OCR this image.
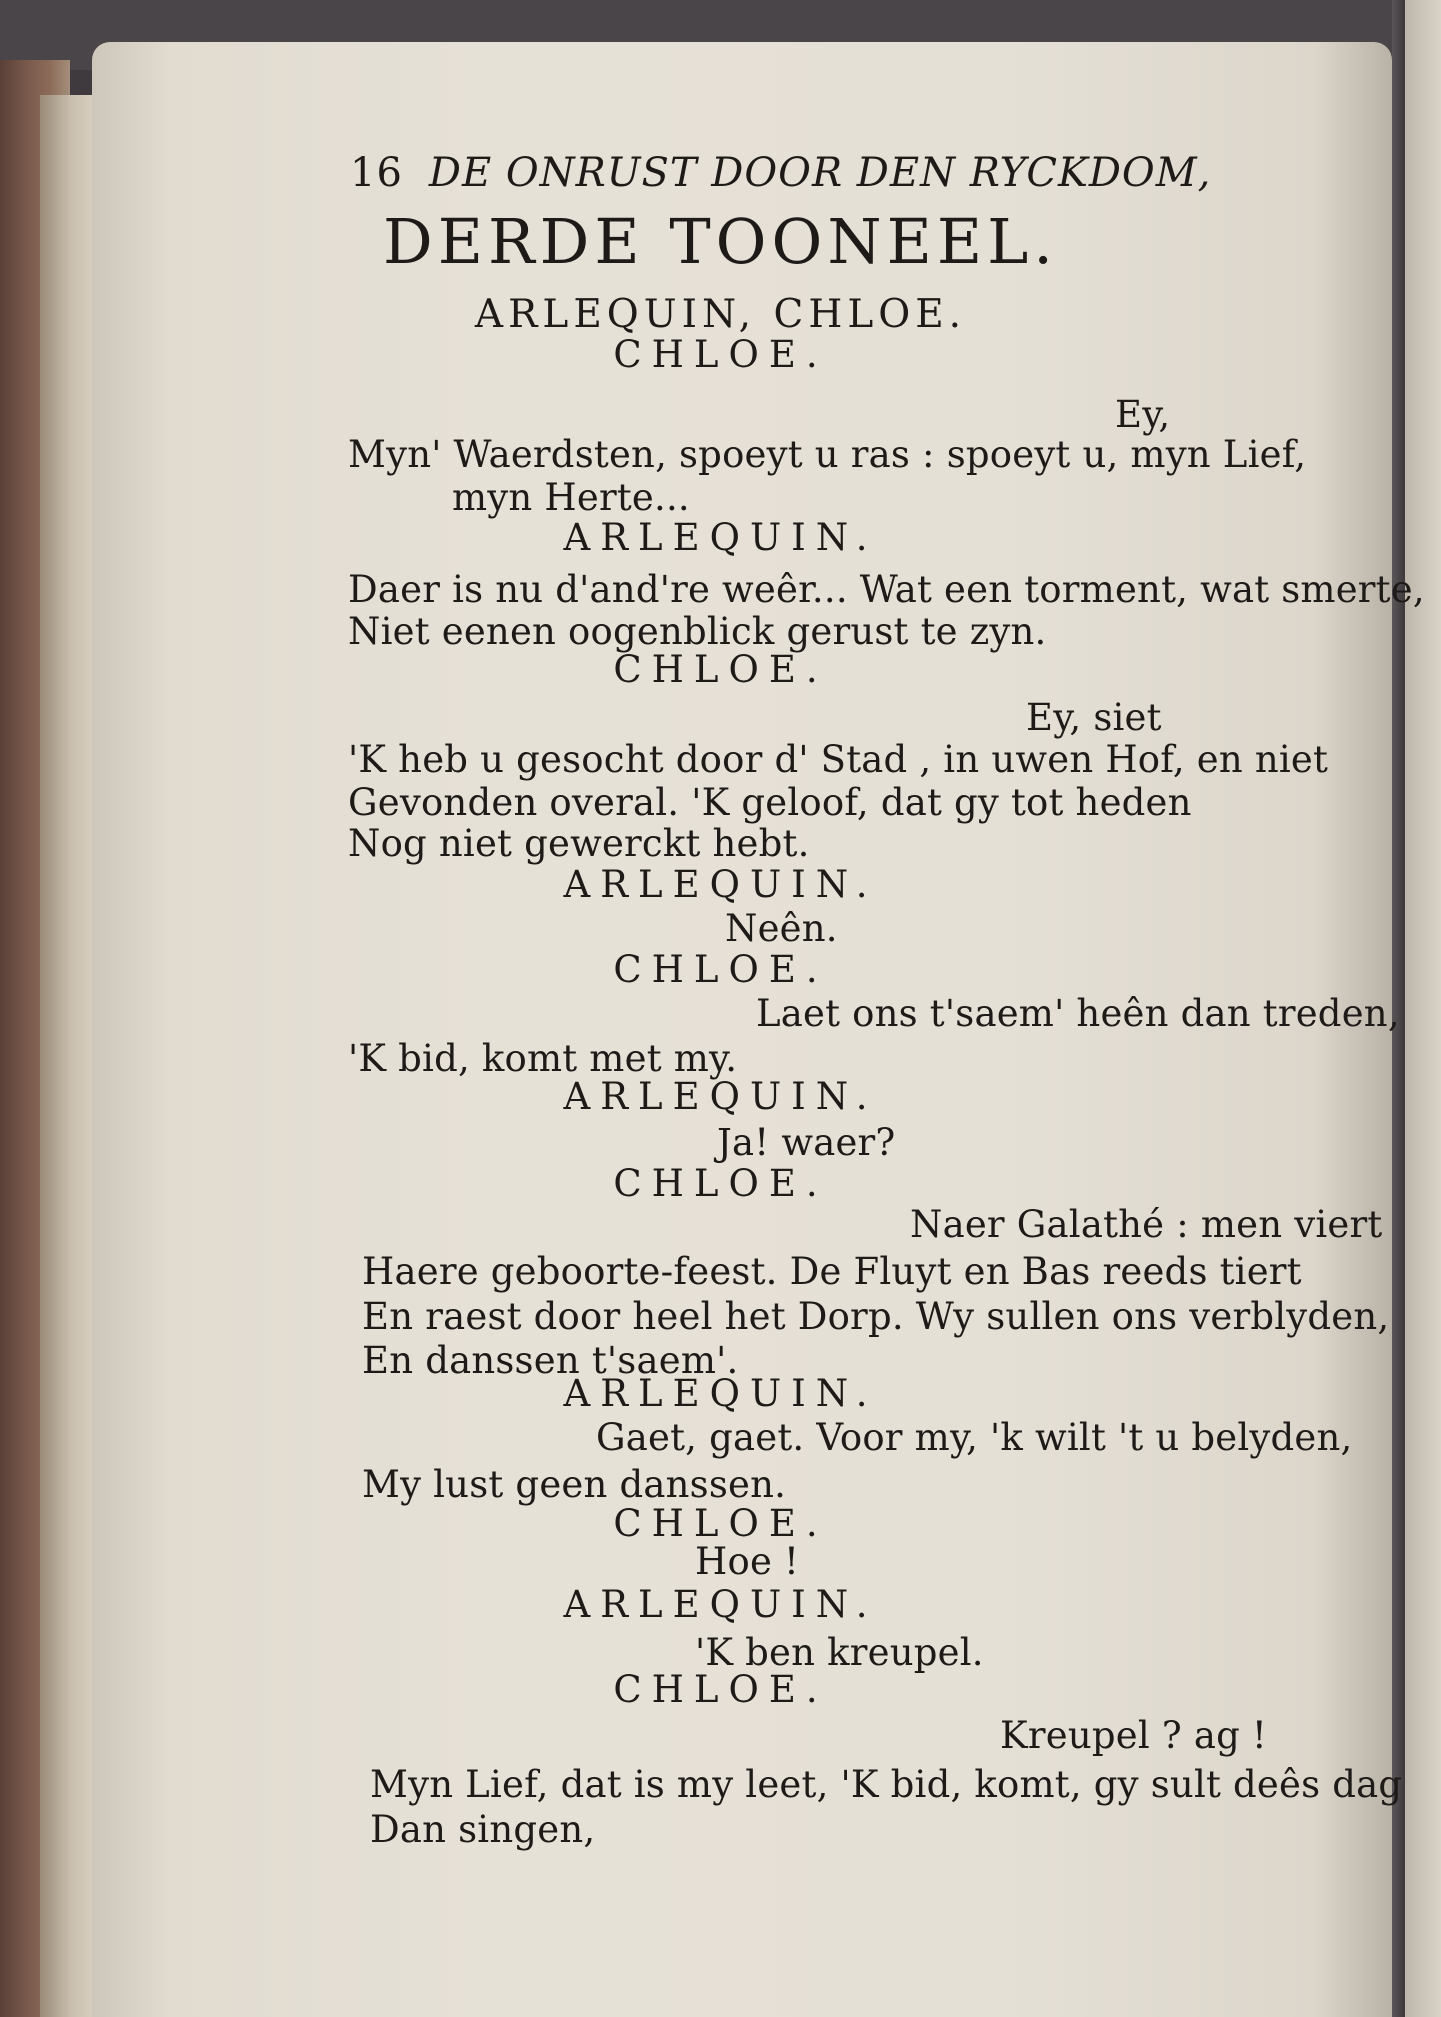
16 DE ONRUST DOOR DEN RYCKDOM,
DERDE TOONEEL.
ARLEQUIN, CHLOE.
CHLOE.
Ey,
Myn' Waerdsten, spoeyt u ras : spoeyt u, myn Lief,
myn Herte...
ARLEQUIN.
Daer is nu d'and're weêr... Wat een torment, wat smerte,
Niet eenen oogenblick gerust te zyn.
CHLOE.
Ey, siet
'K heb u gesocht door d' Stad , in uwen Hof, en niet
Gevonden overal. 'K geloof, dat gy tot heden
Nog niet gewerckt hebt.
ARLEQUIN.
Neên.
CHLOE.
Laet ons t'saem' heên dan treden,
'K bid, komt met my.
ARLEQUIN.
Ja! waer?
CHLOE.
Naer Galathé : men viert
Haere geboorte-feest. De Fluyt en Bas reeds tiert
En raest door heel het Dorp. Wy sullen ons verblyden,
En danssen t'saem'.
ARLEQUIN.
Gaet, gaet. Voor my, 'k wilt 't u belyden,
My lust geen danssen.
CHLOE.
Hoe !
ARLEQUIN.
'K ben kreupel.
CHLOE.
Kreupel ? ag !
Myn Lief, dat is my leet, 'K bid, komt, gy sult deês dag
Dan singen,
